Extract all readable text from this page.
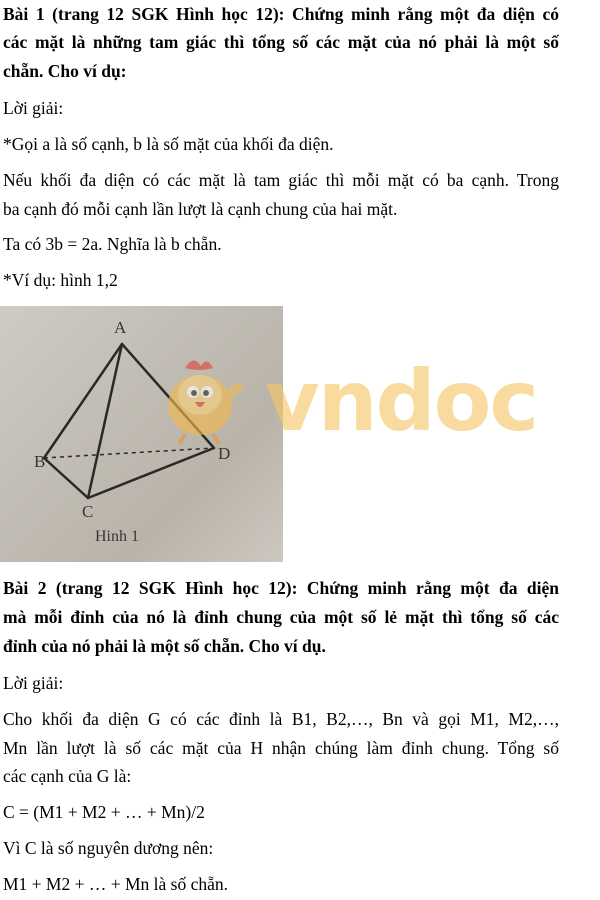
Bài 1 (trang 12 SGK Hình học 12): Chứng minh rằng một đa diện có
các mặt là những tam giác thì tổng số các mặt của nó phải là một số
chẵn. Cho ví dụ:
Lời giải:
*Gọi a là số cạnh, b là số mặt của khối đa diện.
Nếu khối đa diện có các mặt là tam giác thì mỗi mặt có ba cạnh. Trong
ba cạnh đó mỗi cạnh lần lượt là cạnh chung của hai mặt.
Ta có 3b = 2a. Nghĩa là b chẵn.
*Ví dụ: hình 1,2
A
B
C
D
Hinh 1
vndoc
Bài 2 (trang 12 SGK Hình học 12): Chứng minh rằng một đa diện
mà mỗi đỉnh của nó là đỉnh chung của một số lẻ mặt thì tổng số các
đỉnh của nó phải là một số chẵn. Cho ví dụ.
Lời giải:
Cho khối đa diện G có các đỉnh là B1, B2,…, Bn và gọi M1, M2,…,
Mn lần lượt là số các mặt của H nhận chúng làm đỉnh chung. Tổng số
các cạnh của G là:
C = (M1 + M2 + … + Mn)/2
Vì C là số nguyên dương nên:
M1 + M2 + … + Mn là số chẵn.
